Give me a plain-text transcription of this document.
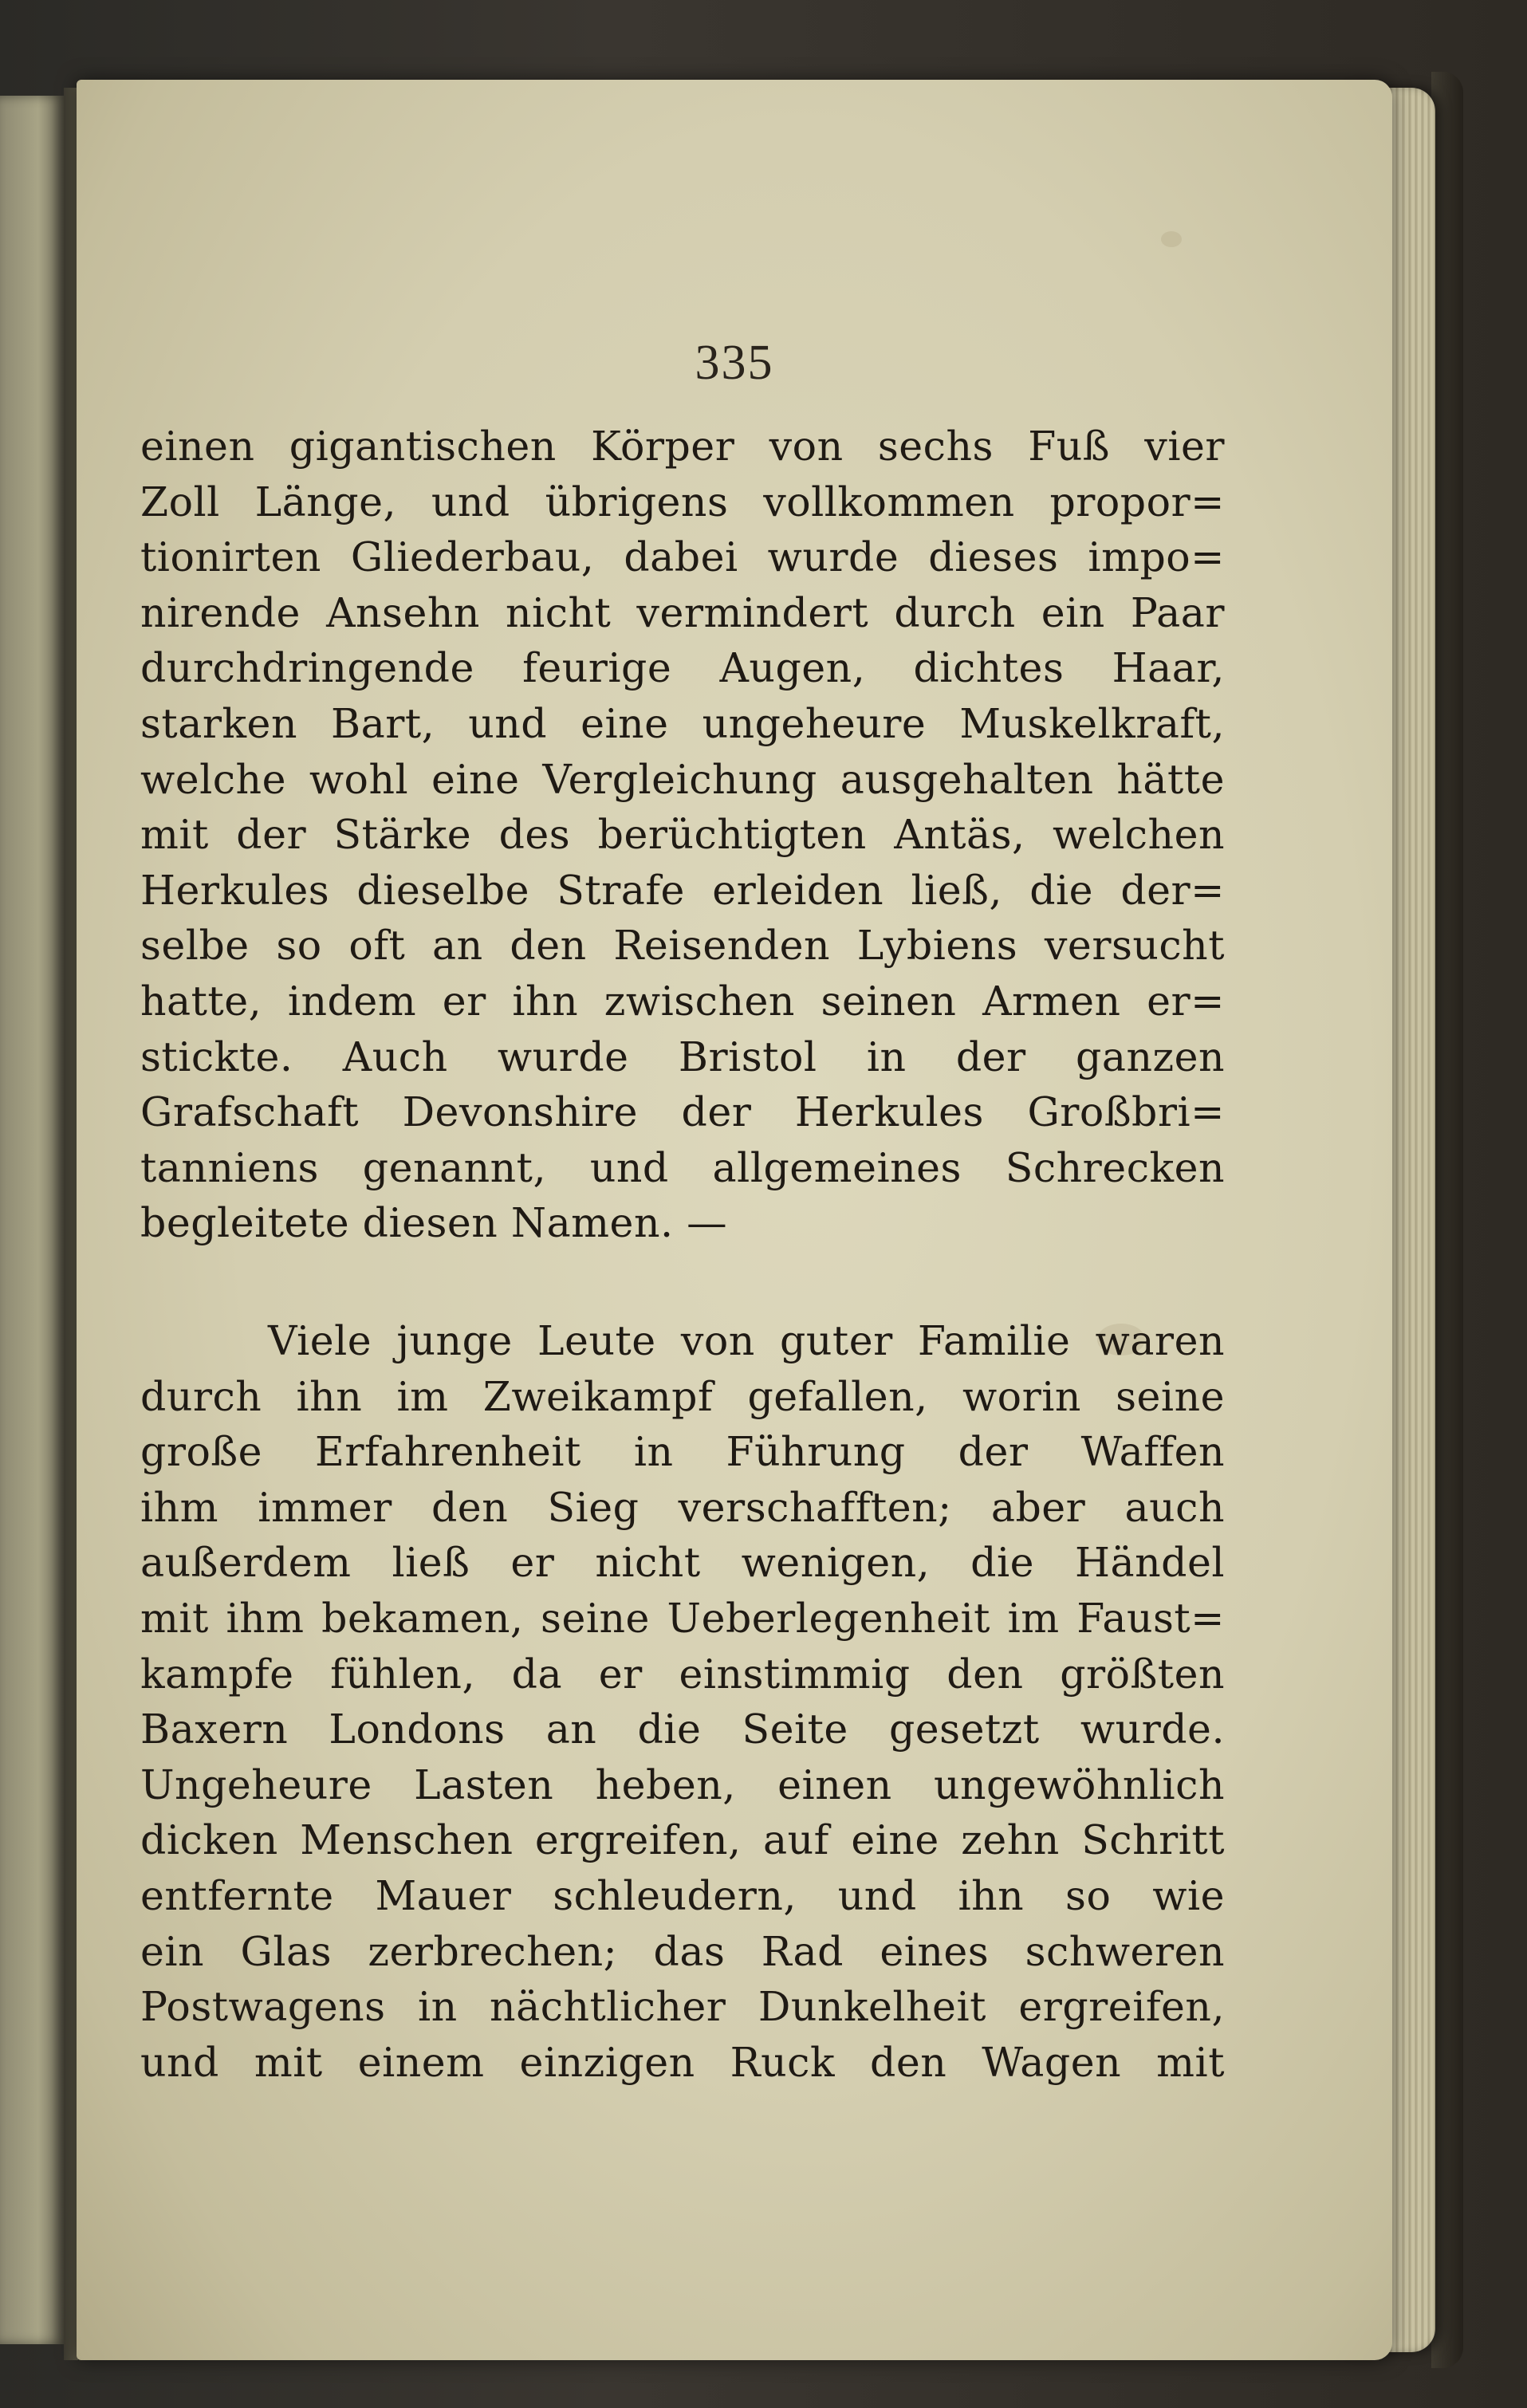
335
einen gigantischen Körper von sechs Fuß vier
Zoll Länge, und übrigens vollkommen propor=
tionirten Gliederbau, dabei wurde dieses impo=
nirende Ansehn nicht vermindert durch ein Paar
durchdringende feurige Augen, dichtes Haar,
starken Bart, und eine ungeheure Muskelkraft,
welche wohl eine Vergleichung ausgehalten hätte
mit der Stärke des berüchtigten Antäs, welchen
Herkules dieselbe Strafe erleiden ließ, die der=
selbe so oft an den Reisenden Lybiens versucht
hatte, indem er ihn zwischen seinen Armen er=
stickte. Auch wurde Bristol in der ganzen
Grafschaft Devonshire der Herkules Großbri=
tanniens genannt, und allgemeines Schrecken
begleitete diesen Namen. —
Viele junge Leute von guter Familie waren
durch ihn im Zweikampf gefallen, worin seine
große Erfahrenheit in Führung der Waffen
ihm immer den Sieg verschafften; aber auch
außerdem ließ er nicht wenigen, die Händel
mit ihm bekamen, seine Ueberlegenheit im Faust=
kampfe fühlen, da er einstimmig den größten
Baxern Londons an die Seite gesetzt wurde.
Ungeheure Lasten heben, einen ungewöhnlich
dicken Menschen ergreifen, auf eine zehn Schritt
entfernte Mauer schleudern, und ihn so wie
ein Glas zerbrechen; das Rad eines schweren
Postwagens in nächtlicher Dunkelheit ergreifen,
und mit einem einzigen Ruck den Wagen mit
